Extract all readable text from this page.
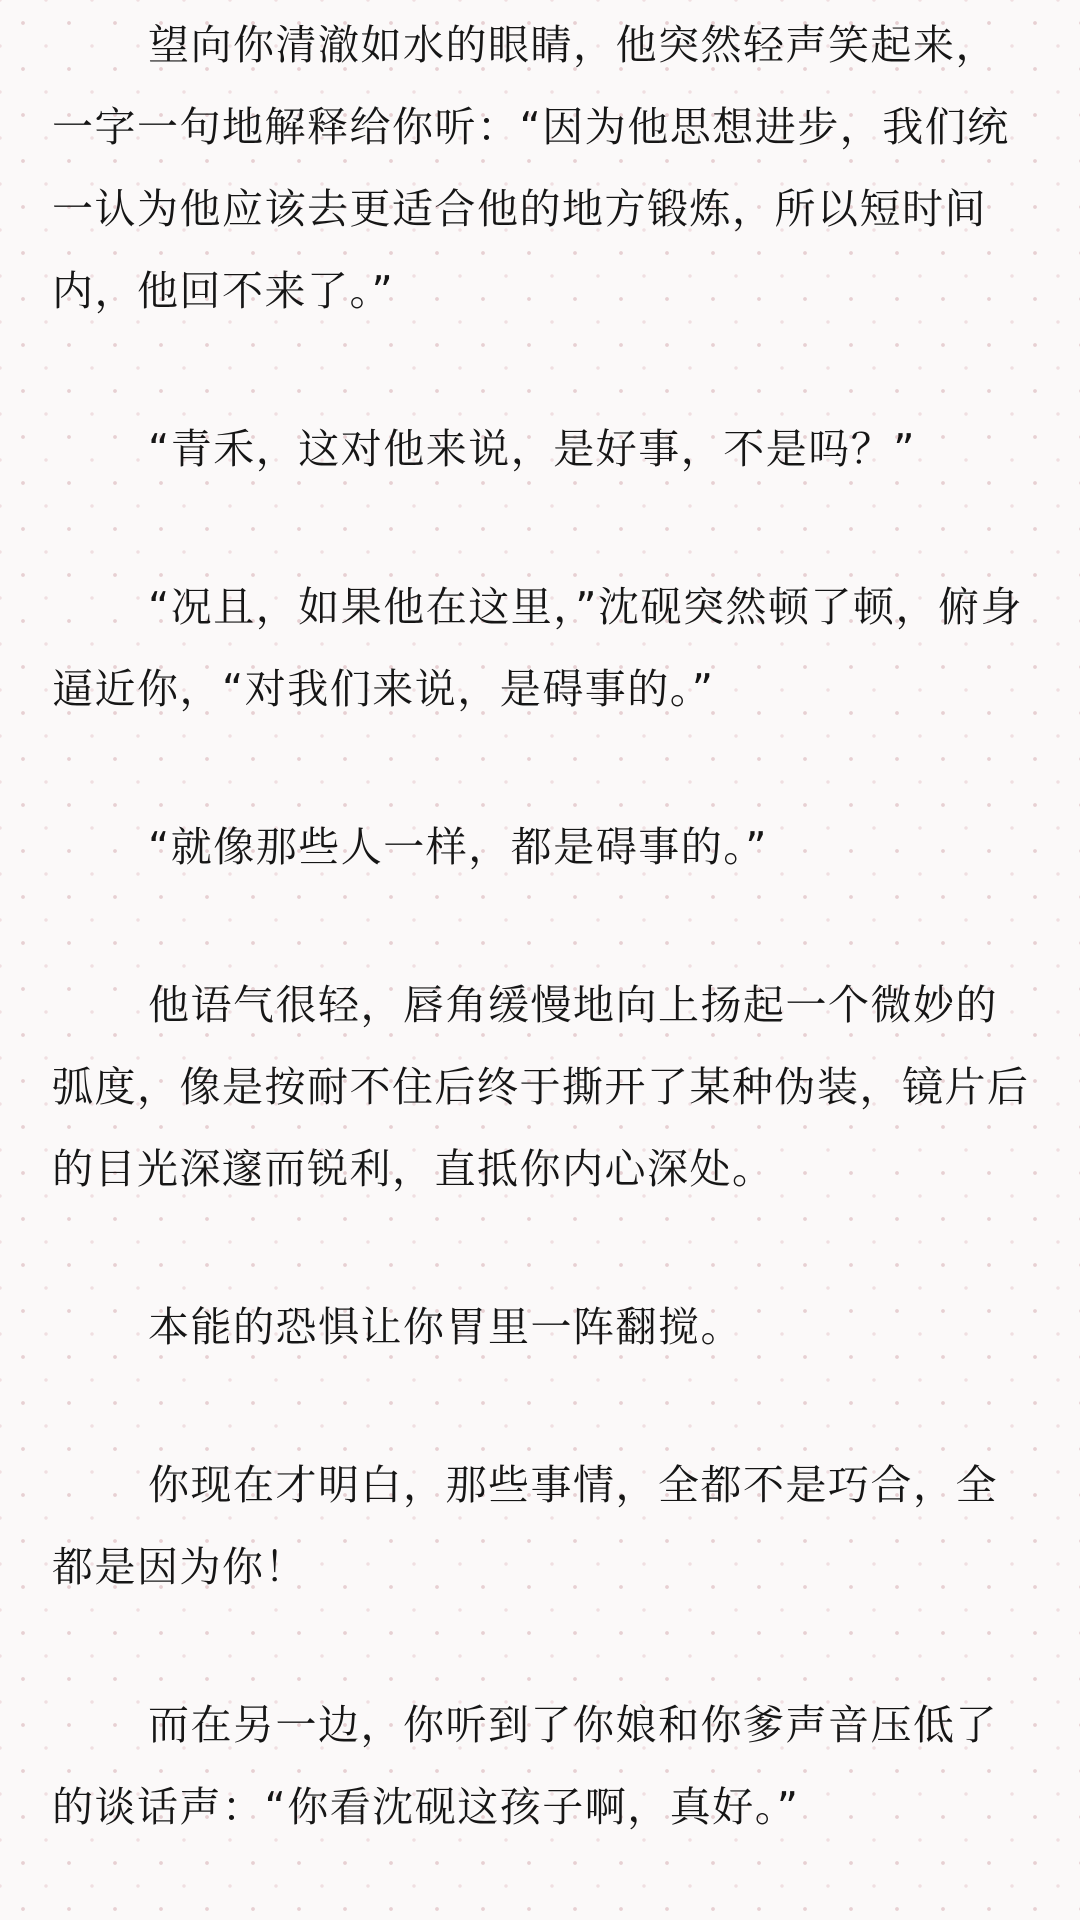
望向你清澈如水的眼睛，他突然轻声笑起来，一字一句地解释给你听：“因为他思想进步，我们统一认为他应该去更适合他的地方锻炼，所以短时间内，他回不来了。”

“青禾，这对他来说，是好事，不是吗？”

“况且，如果他在这里，”沈砚突然顿了顿，俯身逼近你，“对我们来说，是碍事的。”

“就像那些人一样，都是碍事的。”

他语气很轻，唇角缓慢地向上扬起一个微妙的弧度，像是按耐不住后终于撕开了某种伪装，镜片后的目光深邃而锐利，直抵你内心深处。

本能的恐惧让你胃里一阵翻搅。

你现在才明白，那些事情，全都不是巧合，全都是因为你！

而在另一边，你听到了你娘和你爹声音压低了的谈话声：“你看沈砚这孩子啊，真好。”
